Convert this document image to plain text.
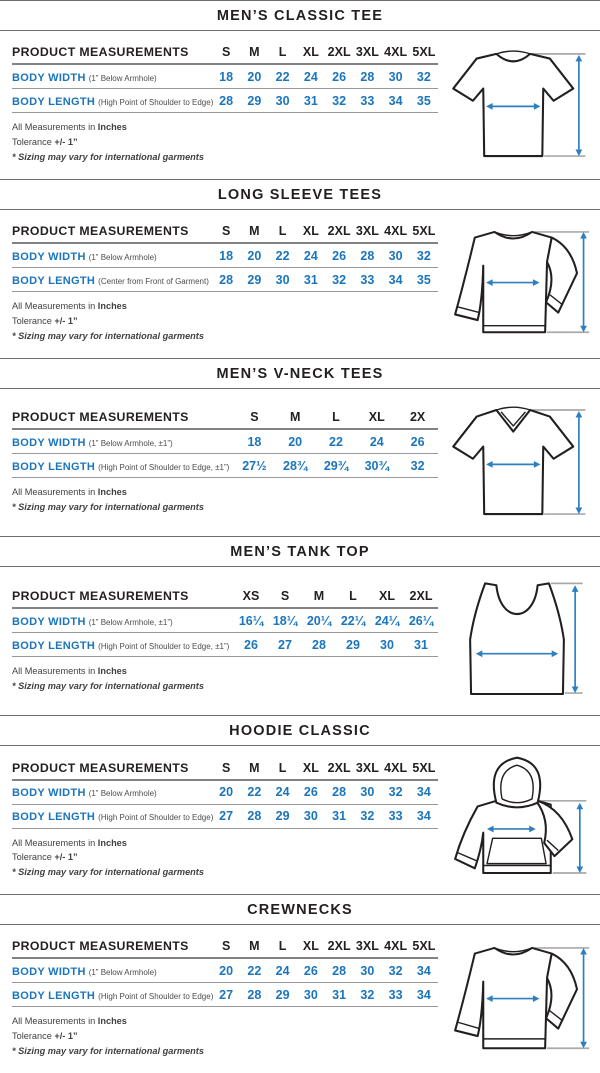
MEN’S CLASSIC TEE
PRODUCT MEASUREMENTS	S	M	L	XL	2XL	3XL	4XL	5XL
BODY WIDTH (1” Below Armhole)	18	20	22	24	26	28	30	32
BODY LENGTH (High Point of Shoulder to Edge)	28	29	30	31	32	33	34	35
All Measurements in Inches
Tolerance +/- 1”
* Sizing may vary for international garments
LONG SLEEVE TEES
PRODUCT MEASUREMENTS	S	M	L	XL	2XL	3XL	4XL	5XL
BODY WIDTH (1” Below Armhole)	18	20	22	24	26	28	30	32
BODY LENGTH (Center from Front of Garment)	28	29	30	31	32	33	34	35
All Measurements in Inches
Tolerance +/- 1”
* Sizing may vary for international garments
MEN’S V-NECK TEES
PRODUCT MEASUREMENTS	S	M	L	XL	2X
BODY WIDTH (1” Below Armhole, ±1”)	18	20	22	24	26
BODY LENGTH (High Point of Shoulder to Edge, ±1”)	27½	28¾	29¾	30¾	32
All Measurements in Inches
* Sizing may vary for international garments
MEN’S TANK TOP
PRODUCT MEASUREMENTS	XS	S	M	L	XL	2XL
BODY WIDTH (1” Below Armhole, ±1”)	16¼	18¼	20¼	22¼	24¼	26¼
BODY LENGTH (High Point of Shoulder to Edge, ±1”)	26	27	28	29	30	31
All Measurements in Inches
* Sizing may vary for international garments
HOODIE CLASSIC
PRODUCT MEASUREMENTS	S	M	L	XL	2XL	3XL	4XL	5XL
BODY WIDTH (1” Below Armhole)	20	22	24	26	28	30	32	34
BODY LENGTH (High Point of Shoulder to Edge)	27	28	29	30	31	32	33	34
All Measurements in Inches
Tolerance +/- 1”
* Sizing may vary for international garments
CREWNECKS
PRODUCT MEASUREMENTS	S	M	L	XL	2XL	3XL	4XL	5XL
BODY WIDTH (1” Below Armhole)	20	22	24	26	28	30	32	34
BODY LENGTH (High Point of Shoulder to Edge)	27	28	29	30	31	32	33	34
All Measurements in Inches
Tolerance +/- 1”
* Sizing may vary for international garments
